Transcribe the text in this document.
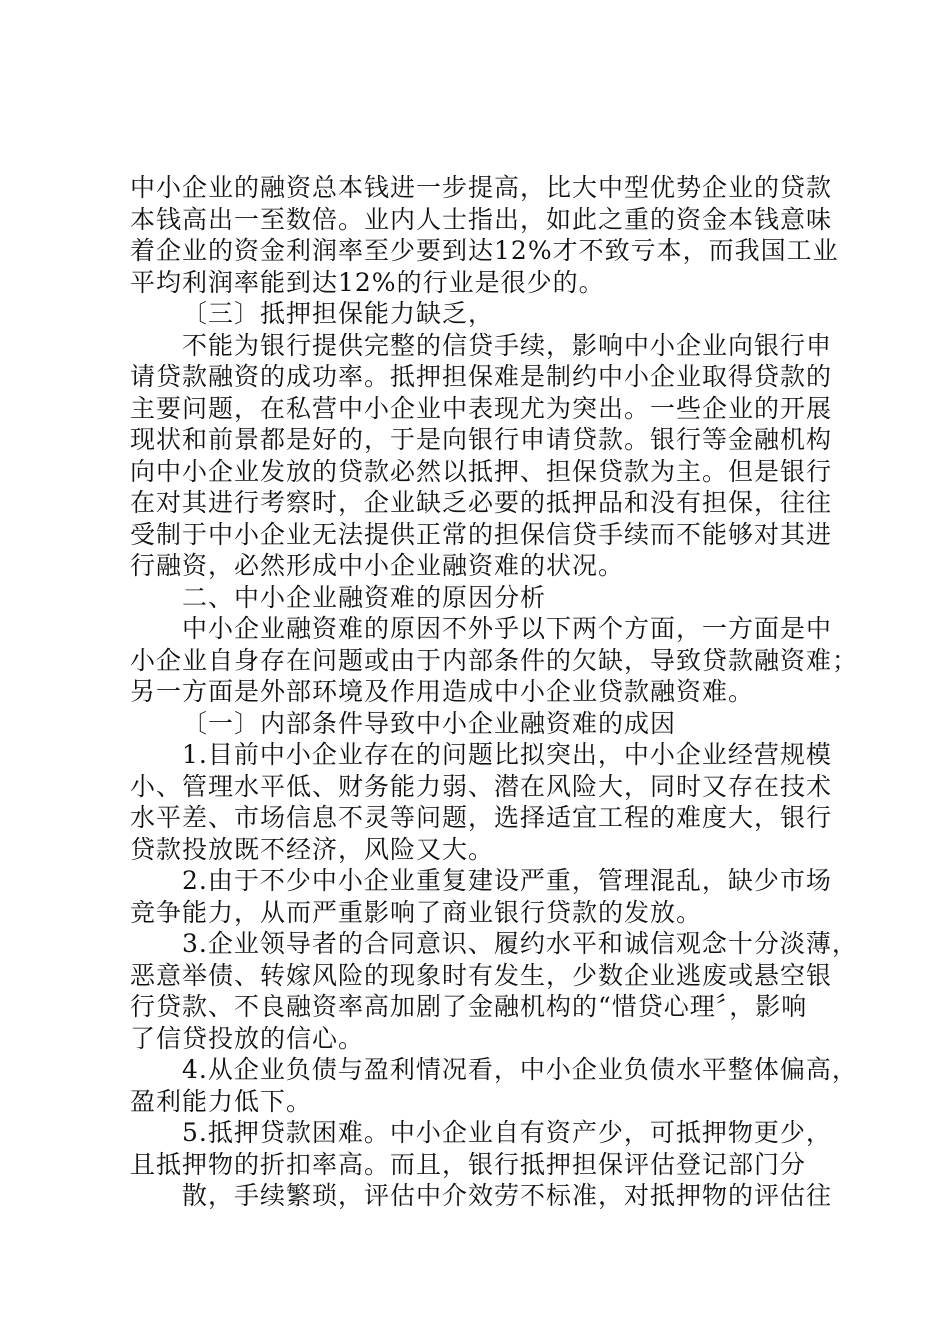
中小企业的融资总本钱进一步提高，比大中型优势企业的贷款
本钱高出一至数倍。业内人士指出，如此之重的资金本钱意味
着企业的资金利润率至少要到达12%才不致亏本，而我国工业
平均利润率能到达12%的行业是很少的。
〔三〕抵押担保能力缺乏，
不能为银行提供完整的信贷手续，影响中小企业向银行申
请贷款融资的成功率。抵押担保难是制约中小企业取得贷款的
主要问题，在私营中小企业中表现尤为突出。一些企业的开展
现状和前景都是好的，于是向银行申请贷款。银行等金融机构
向中小企业发放的贷款必然以抵押、担保贷款为主。但是银行
在对其进行考察时，企业缺乏必要的抵押品和没有担保，往往
受制于中小企业无法提供正常的担保信贷手续而不能够对其进
行融资，必然形成中小企业融资难的状况。
二、中小企业融资难的原因分析
中小企业融资难的原因不外乎以下两个方面，一方面是中
小企业自身存在问题或由于内部条件的欠缺，导致贷款融资难；
另一方面是外部环境及作用造成中小企业贷款融资难。
〔一〕内部条件导致中小企业融资难的成因
1.目前中小企业存在的问题比拟突出，中小企业经营规模
小、管理水平低、财务能力弱、潜在风险大，同时又存在技术
水平差、市场信息不灵等问题，选择适宜工程的难度大，银行
贷款投放既不经济，风险又大。
2.由于不少中小企业重复建设严重，管理混乱，缺少市场
竞争能力，从而严重影响了商业银行贷款的发放。
3.企业领导者的合同意识、履约水平和诚信观念十分淡薄，
恶意举债、转嫁风险的现象时有发生，少数企业逃废或悬空银
行贷款、不良融资率高加剧了金融机构的“惜贷心理〞，影响
了信贷投放的信心。
4.从企业负债与盈利情况看，中小企业负债水平整体偏高，
盈利能力低下。
5.抵押贷款困难。中小企业自有资产少，可抵押物更少，
且抵押物的折扣率高。而且，银行抵押担保评估登记部门分
散，手续繁琐，评估中介效劳不标准，对抵押物的评估往
